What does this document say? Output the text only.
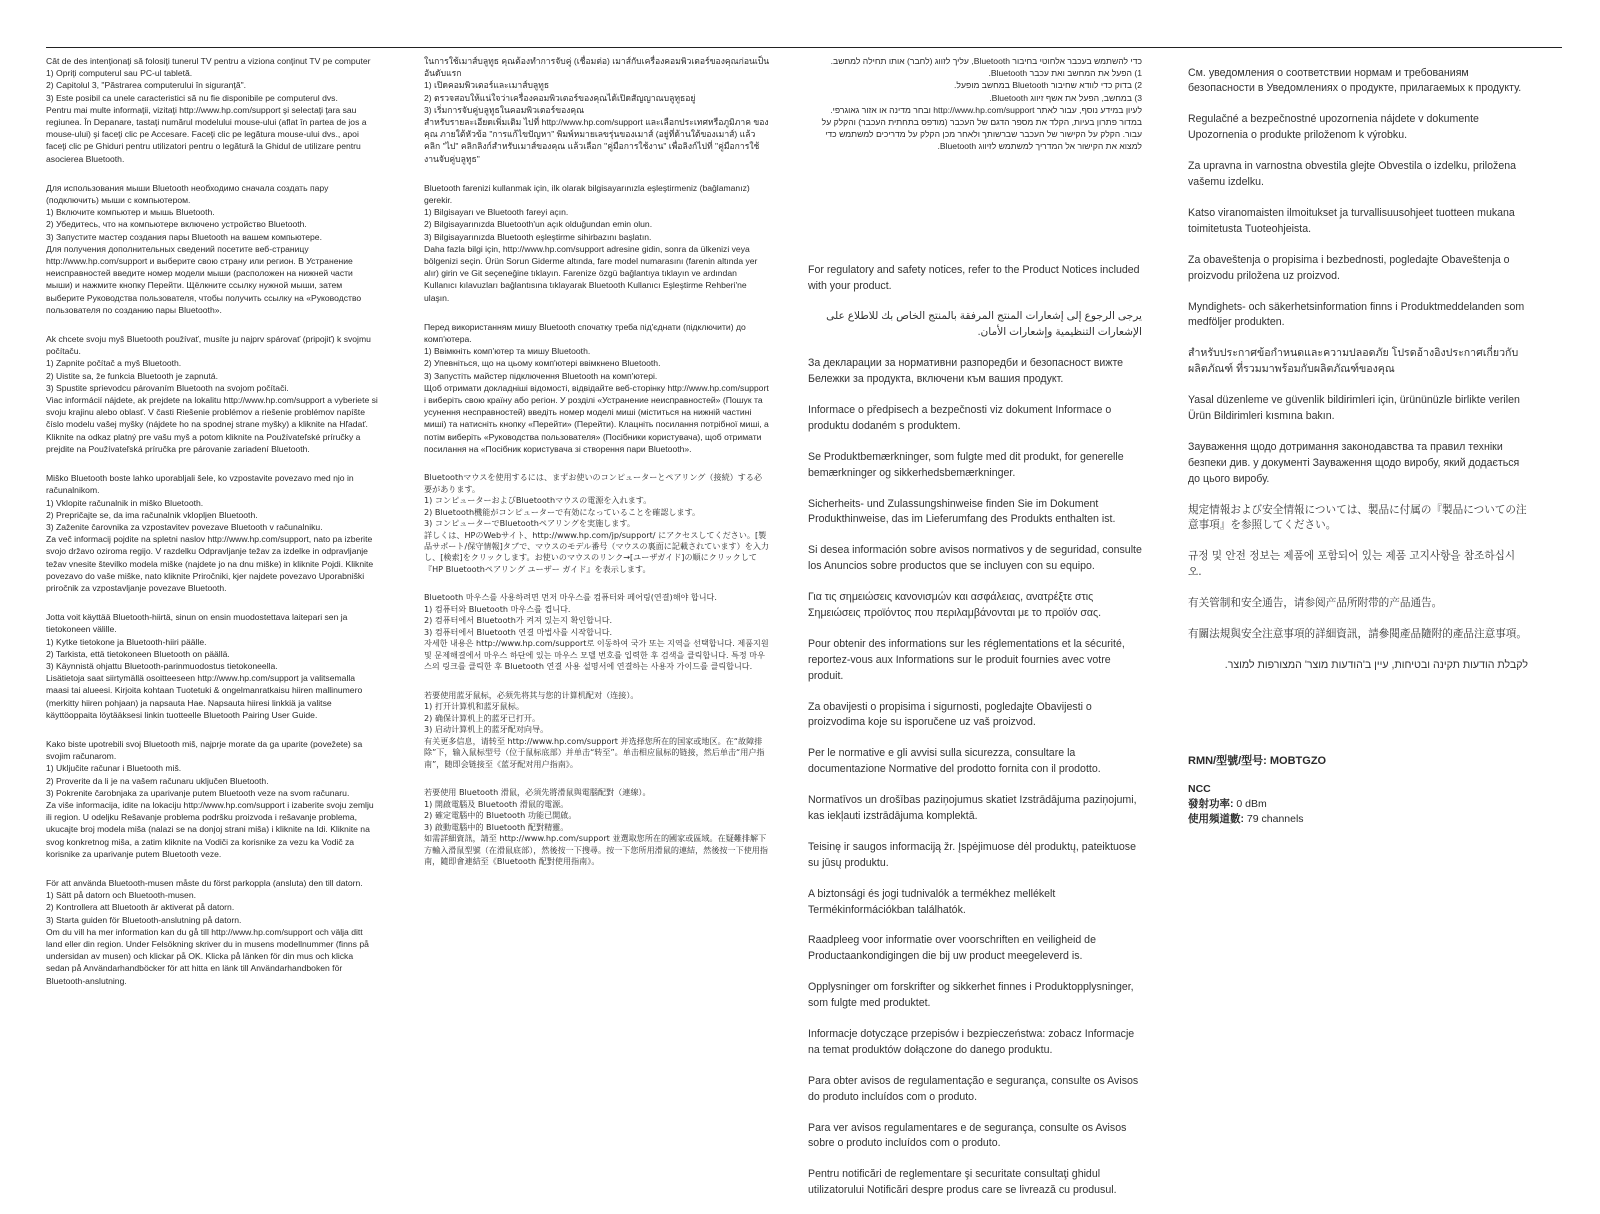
Cât de des intenţionaţi să folosiţi tunerul TV pentru a viziona conţinut TV pe computer

1) Opriţi computerul sau PC-ul tabletă.

2) Capitolul 3, "Păstrarea computerului în siguranţă".

3) Este posibil ca unele caracteristici să nu fie disponibile pe computerul dvs.

Pentru mai multe informaţii, vizitaţi http://www.hp.com/support şi selectaţi ţara sau regiunea. În Depanare, tastaţi numărul modelului mouse-ului (aflat în partea de jos a mouse-ului) şi faceţi clic pe Accesare. Faceţi clic pe legătura mouse-ului dvs., apoi faceţi clic pe Ghiduri pentru utilizatori pentru o legătură la Ghidul de utilizare pentru asocierea Bluetooth.

Для использования мыши Bluetooth необходимо сначала создать пару (подключить) мыши с компьютером.

1) Включите компьютер и мышь Bluetooth.

2) Убедитесь, что на компьютере включено устройство Bluetooth.

3) Запустите мастер создания пары Bluetooth на вашем компьютере.

Для получения дополнительных сведений посетите веб-страницу http://www.hp.com/support и выберите свою страну или регион. В Устранение неисправностей введите номер модели мыши (расположен на нижней части мыши) и нажмите кнопку Перейти. Щёлкните ссылку нужной мыши, затем выберите Руководства пользователя, чтобы получить ссылку на «Руководство пользователя по созданию пары Bluetooth».

Ak chcete svoju myš Bluetooth používať, musíte ju najprv spárovať (pripojiť) k svojmu počítaču.

1) Zapnite počítač a myš Bluetooth.

2) Uistite sa, že funkcia Bluetooth je zapnutá.

3) Spustite sprievodcu párovaním Bluetooth na svojom počítači.

Viac informácií nájdete, ak prejdete na lokalitu http://www.hp.com/support a vyberiete si svoju krajinu alebo oblasť. V časti Riešenie problémov a riešenie problémov napíšte číslo modelu vašej myšky (nájdete ho na spodnej strane myšky) a kliknite na Hľadať. Kliknite na odkaz platný pre vašu myš a potom kliknite na Používateľské príručky a prejdite na Používateľská príručka pre párovanie zariadení Bluetooth.

Miško Bluetooth boste lahko uporabljali šele, ko vzpostavite povezavo med njo in računalnikom.

1) Vklopite računalnik in miško Bluetooth.

2) Prepričajte se, da ima računalnik vklopljen Bluetooth.

3) Zaženite čarovnika za vzpostavitev povezave Bluetooth v računalniku.

Za več informacij pojdite na spletni naslov http://www.hp.com/support, nato pa izberite svojo državo oziroma regijo. V razdelku Odpravljanje težav za izdelke in odpravljanje težav vnesite številko modela miške (najdete jo na dnu miške) in kliknite Pojdi. Kliknite povezavo do vaše miške, nato kliknite Priročniki, kjer najdete povezavo Uporabniški priročnik za vzpostavljanje povezave Bluetooth.

Jotta voit käyttää Bluetooth-hiirtä, sinun on ensin muodostettava laitepari sen ja tietokoneen välille.

1) Kytke tietokone ja Bluetooth-hiiri päälle.

2) Tarkista, että tietokoneen Bluetooth on päällä.

3) Käynnistä ohjattu Bluetooth-parinmuodostus tietokoneella.

Lisätietoja saat siirtymällä osoitteeseen http://www.hp.com/support ja valitsemalla maasi tai alueesi. Kirjoita kohtaan Tuotetuki & ongelmanratkaisu hiiren mallinumero (merkitty hiiren pohjaan) ja napsauta Hae. Napsauta hiiresi linkkiä ja valitse käyttöoppaita löytääksesi linkin tuotteelle Bluetooth Pairing User Guide.

Kako biste upotrebili svoj Bluetooth miš, najprje morate da ga uparite (povežete) sa svojim računarom.

1) Uključite računar i Bluetooth miš.

2) Proverite da li je na vašem računaru uključen Bluetooth.

3) Pokrenite čarobnjaka za uparivanje putem Bluetooth veze na svom računaru.

Za više informacija, idite na lokaciju http://www.hp.com/support i izaberite svoju zemlju ili region. U odeljku Rešavanje problema podršku proizvoda i rešavanje problema, ukucajte broj modela miša (nalazi se na donjoj strani miša) i kliknite na Idi. Kliknite na svog konkretnog miša, a zatim kliknite na Vodiči za korisnike za vezu ka Vodič za korisnike za uparivanje putem Bluetooth veze.

För att använda Bluetooth-musen måste du först parkoppla (ansluta) den till datorn.

1) Sätt på datorn och Bluetooth-musen.

2) Kontrollera att Bluetooth är aktiverat på datorn.

3) Starta guiden för Bluetooth-anslutning på datorn.

Om du vill ha mer information kan du gå till http://www.hp.com/support och välja ditt land eller din region. Under Felsökning skriver du in musens modellnummer (finns på undersidan av musen) och klickar på OK. Klicka på länken för din mus och klicka sedan på Användarhandböcker för att hitta en länk till Användarhandboken för Bluetooth-anslutning.

ในการใช้เมาส์บลูทูธ คุณต้องทำการจับคู่ (เชื่อมต่อ) เมาส์กับเครื่องคอมพิวเตอร์ของคุณก่อนเป็นอันดับแรก

1) เปิดคอมพิวเตอร์และเมาส์บลูทูธ

2) ตรวจสอบให้แน่ใจว่าเครื่องคอมพิวเตอร์ของคุณได้เปิดสัญญาณบลูทูธอยู่

3) เริ่มการจับคู่บลูทูธในคอมพิวเตอร์ของคุณ

สำหรับรายละเอียดเพิ่มเติม ไปที่ http://www.hp.com/support และเลือกประเทศหรือภูมิภาค ของคุณ ภายใต้หัวข้อ "การแก้ไขปัญหา" พิมพ์หมายเลขรุ่นของเมาส์ (อยู่ที่ด้านใต้ของเมาส์) แล้วคลิก "ไป" คลิกลิงก์สำหรับเมาส์ของคุณ แล้วเลือก "คู่มือการใช้งาน" เพื่อลิงก์ไปที่ "คู่มือการใช้งานจับคู่บลูทูธ"

Bluetooth farenizi kullanmak için, ilk olarak bilgisayarınızla eşleştirmeniz (bağlamanız) gerekir.

1) Bilgisayarı ve Bluetooth fareyi açın.

2) Bilgisayarınızda Bluetooth'un açık olduğundan emin olun.

3) Bilgisayarınızda Bluetooth eşleştirme sihirbazını başlatın.

Daha fazla bilgi için, http://www.hp.com/support adresine gidin, sonra da ülkenizi veya bölgenizi seçin. Ürün Sorun Giderme altında, fare model numarasını (farenin altında yer alır) girin ve Git seçeneğine tıklayın. Farenize özgü bağlantıya tıklayın ve ardından Kullanıcı kılavuzları bağlantısına tıklayarak Bluetooth Kullanıcı Eşleştirme Rehberi'ne ulaşın.

Перед використанням мишу Bluetooth спочатку треба під'єднати (підключити) до комп'ютера.

1) Ввімкніть комп'ютер та мишу Bluetooth.

2) Упевніться, що на цьому комп'ютері ввімкнено Bluetooth.

3) Запустіть майстер підключення Bluetooth на комп'ютері.

Щоб отримати докладніші відомості, відвідайте веб-сторінку http://www.hp.com/support і виберіть свою країну або регіон. У розділі «Устранение неисправностей» (Пошук та усунення несправностей) введіть номер моделі миші (міститься на нижній частині миші) та натисніть кнопку «Перейти» (Перейти). Клацніть посилання потрібної миші, а потім виберіть «Руководства пользователя» (Посібники користувача), щоб отримати посилання на «Посібник користувача зі створення пари Bluetooth».

Bluetoothマウスを使用するには、まずお使いのコンピューターとペアリング（接続）する必要があります。

1) コンピューターおよびBluetoothマウスの電源を入れます。

2) Bluetooth機能がコンピューターで有効になっていることを確認します。

3) コンピューターでBluetoothペアリングを実施します。

詳しくは、HPのWebサイト、http://www.hp.com/jp/support/ にアクセスしてください。[製品サポート/保守情報]タブで、マウスのモデル番号（マウスの裏面に記載されています）を入力し、[検索]をクリックします。お使いのマウスのリンク→[ユーザガイド]の順にクリックして『HP Bluetoothペアリング ユーザー ガイド』を表示します。

Bluetooth 마우스를 사용하려면 먼저 마우스를 컴퓨터와 페어링(연결)해야 합니다.

1) 컴퓨터와 Bluetooth 마우스를 켭니다.

2) 컴퓨터에서 Bluetooth가 켜져 있는지 확인합니다.

3) 컴퓨터에서 Bluetooth 연결 마법사를 시작합니다.

자세한 내용은 http://www.hp.com/support로 이동하여 국가 또는 지역을 선택합니다. 제품지원 및 문제해결에서 마우스 하단에 있는 마우스 모델 번호를 입력한 후 검색을 클릭합니다. 특정 마우스의 링크를 클릭한 후 Bluetooth 연결 사용 설명서에 연결하는 사용자 가이드를 클릭합니다.

若要使用蓝牙鼠标，必须先将其与您的计算机配对（连接）。

1) 打开计算机和蓝牙鼠标。

2) 确保计算机上的蓝牙已打开。

3) 启动计算机上的蓝牙配对向导。

有关更多信息，请转至 http://www.hp.com/support 并选择您所在的国家或地区。在“故障排除”下，输入鼠标型号（位于鼠标底部）并单击“转至”。单击相应鼠标的链接，然后单击“用户指南”，随即会链接至《蓝牙配对用户指南》。

若要使用 Bluetooth 滑鼠，必須先將滑鼠與電腦配對（連線）。

1) 開啟電腦及 Bluetooth 滑鼠的電源。

2) 確定電腦中的 Bluetooth 功能已開啟。

3) 啟動電腦中的 Bluetooth 配對精靈。

如需詳細資訊，請至 http://www.hp.com/support 並選取您所在的國家或區域。在疑難排解下方輸入滑鼠型號（在滑鼠底部），然後按一下搜尋。按一下您所用滑鼠的連結，然後按一下使用指南，隨即會連結至《Bluetooth 配對使用指南》。

כדי להשתמש בעכבר אלחוטי בחיבור Bluetooth, עליך לזווג (לחבר) אותו תחילה למחשב.

1) הפעל את המחשב ואת עכבר Bluetooth.

2) בדוק כדי לוודא שחיבור Bluetooth במחשב מופעל.

3) במחשב, הפעל את אשף זיווג Bluetooth.

לעיון במידע נוסף, עבור לאתר http://www.hp.com/support ובחר מדינה או אזור גאוגרפי. במדור פתרון בעיות, הקלד את מספר הדגם של העכבר (מודפס בתחתית העכבר) והקלק על עבור. הקלק על הקישור של העכבר שברשותך ולאחר מכן הקלק על מדריכים למשתמש כדי למצוא את הקישור אל המדריך למשתמש לזיווג Bluetooth.

For regulatory and safety notices, refer to the Product Notices included with your product.

يرجى الرجوع إلى إشعارات المنتج المرفقة بالمنتج الخاص بك للاطلاع على الإشعارات التنظيمية وإشعارات الأمان.

За декларации за нормативни разпоредби и безопасност вижте Бележки за продукта, включени към вашия продукт.

Informace o předpisech a bezpečnosti viz dokument Informace o produktu dodaném s produktem.

Se Produktbemærkninger, som fulgte med dit produkt, for generelle bemærkninger og sikkerhedsbemærkninger.

Sicherheits- und Zulassungshinweise finden Sie im Dokument Produkthinweise, das im Lieferumfang des Produkts enthalten ist.

Si desea información sobre avisos normativos y de seguridad, consulte los Anuncios sobre productos que se incluyen con su equipo.

Για τις σημειώσεις κανονισμών και ασφάλειας, ανατρέξτε στις Σημειώσεις προϊόντος που περιλαμβάνονται με το προϊόν σας.

Pour obtenir des informations sur les réglementations et la sécurité, reportez-vous aux Informations sur le produit fournies avec votre produit.

Za obavijesti o propisima i sigurnosti, pogledajte Obavijesti o proizvodima koje su isporučene uz vaš proizvod.

Per le normative e gli avvisi sulla sicurezza, consultare la documentazione Normative del prodotto fornita con il prodotto.

Normatīvos un drošības paziņojumus skatiet Izstrādājuma paziņojumi, kas iekļauti izstrādājuma komplektā.

Teisinę ir saugos informaciją žr. Įspėjimuose dėl produktų, pateiktuose su jūsų produktu.

A biztonsági és jogi tudnivalók a termékhez mellékelt Termékinformációkban találhatók.

Raadpleeg voor informatie over voorschriften en veiligheid de Productaankondigingen die bij uw product meegeleverd is.

Opplysninger om forskrifter og sikkerhet finnes i Produktopplysninger, som fulgte med produktet.

Informacje dotyczące przepisów i bezpieczeństwa: zobacz Informacje na temat produktów dołączone do danego produktu.

Para obter avisos de regulamentação e segurança, consulte os Avisos do produto incluídos com o produto.

Para ver avisos regulamentares e de segurança, consulte os Avisos sobre o produto incluídos com o produto.

Pentru notificări de reglementare şi securitate consultaţi ghidul utilizatorului Notificări despre produs care se livrează cu produsul.

См. уведомления о соответствии нормам и требованиям безопасности в Уведомлениях о продукте, прилагаемых к продукту.

Regulačné a bezpečnostné upozornenia nájdete v dokumente Upozornenia o produkte priloženom k výrobku.

Za upravna in varnostna obvestila glejte Obvestila o izdelku, priložena vašemu izdelku.

Katso viranomaisten ilmoitukset ja turvallisuusohjeet tuotteen mukana toimitetusta Tuoteohjeista.

Za obaveštenja o propisima i bezbednosti, pogledajte Obaveštenja o proizvodu priložena uz proizvod.

Myndighets- och säkerhetsinformation finns i Produktmeddelanden som medföljer produkten.

สำหรับประกาศข้อกำหนดและความปลอดภัย โปรดอ้างอิงประกาศเกี่ยวกับผลิตภัณฑ์ ที่รวมมาพร้อมกับผลิตภัณฑ์ของคุณ

Yasal düzenleme ve güvenlik bildirimleri için, ürününüzle birlikte verilen Ürün Bildirimleri kısmına bakın.

Зауваження щодо дотримання законодавства та правил техніки безпеки див. у документі Зауваження щодо виробу, який додається до цього виробу.

規定情報および安全情報については、製品に付属の『製品についての注意事項』を参照してください。

규정 및 안전 정보는 제품에 포함되어 있는 제품 고지사항을 참조하십시오.

有关管制和安全通告，请参阅产品所附带的产品通告。

有關法規與安全注意事項的詳細資訊，請參閱產品隨附的產品注意事項。

לקבלת הודעות תקינה ובטיחות, עיין ב'הודעות מוצר' המצורפות למוצר.

RMN/型號/型号: MOBTGZO
NCC
發射功率: 0 dBm
使用頻道數: 79 channels
